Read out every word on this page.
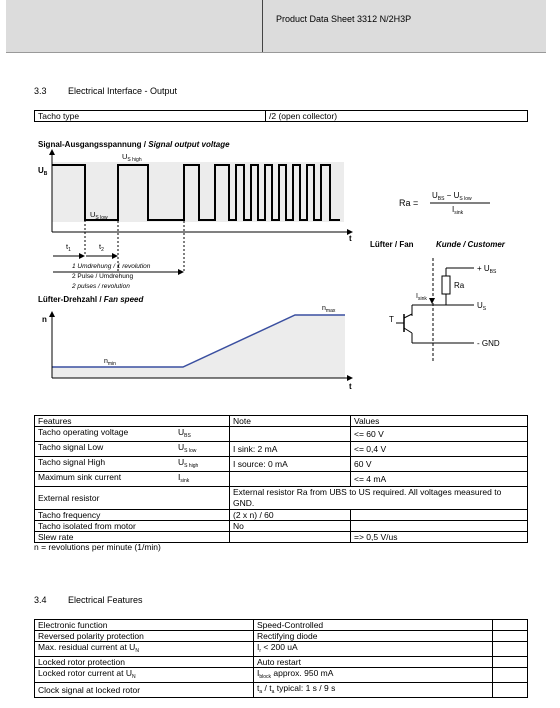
Product Data Sheet 3312 N/2H3P
3.3 Electrical Interface - Output
Tacho type	/2 (open collector)
Signal-Ausgangsspannung / Signal output voltage
$U_B$
$U_{S high}$
$U_{S low}$
t
$t_1$	$t_2$
1 Umdrehung / 1 revolution
2 Pulse / Umdrehung
2 pulses / revolution
Lüfter-Drehzahl / Fan speed
n
$n_{min}$
$n_{max}$
t
Ra =
$U_{BS} - U_{S low}$
$I_{sink}$
Lüfter / Fan	Kunde / Customer
+ $U_{BS}$
Ra
$I_{sink}$
$U_S$
T
- GND
Features	Note	Values
Tacho operating voltage $U_{BS}$		<= 60 V
Tacho signal Low $U_{S low}$	I sink: 2 mA	<= 0,4 V
Tacho signal High $U_{S high}$	I source: 0 mA	60 V
Maximum sink current $I_{sink}$		<= 4 mA
External resistor	External resistor Ra from UBS to US required. All voltages measured to GND.	
Tacho frequency	(2 x n) / 60	
Tacho isolated from motor	No	
Slew rate		=> 0,5 V/us
n = revolutions per minute (1/min)
3.4 Electrical Features
Electronic function	Speed-Controlled	
Reversed polarity protection	Rectifying diode	
Max. residual current at $U_N$	$I_r < 200$ uA	
Locked rotor protection	Auto restart	
Locked rotor current at $U_N$	$I_{block}$ approx. 950 mA	
Clock signal at locked rotor	$t_a / t_a$ typical: 1 s / 9 s	
